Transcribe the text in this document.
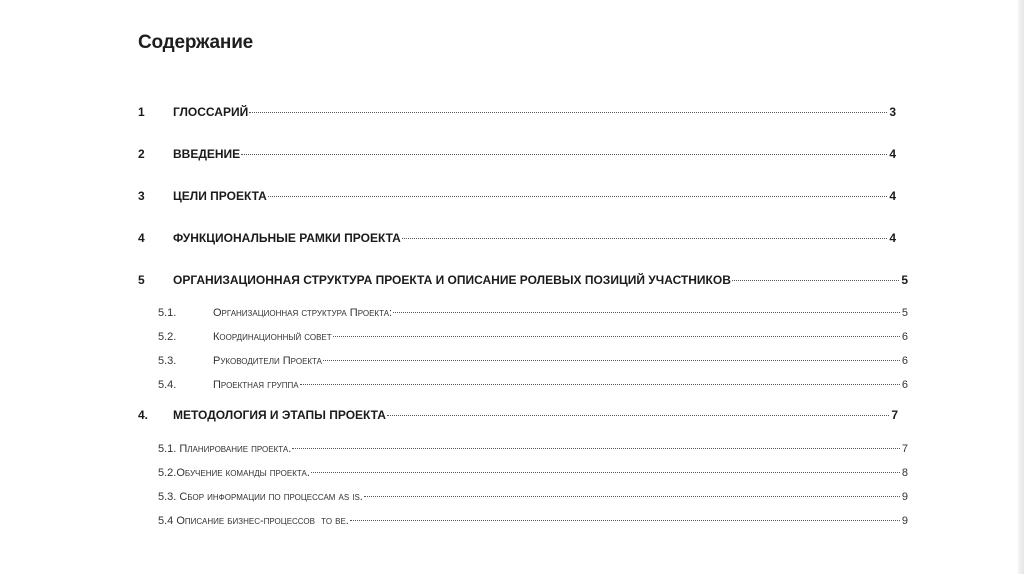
Содержание
1	ГЛОССАРИЙ	3
2	ВВЕДЕНИЕ	4
3	ЦЕЛИ ПРОЕКТА	4
4	ФУНКЦИОНАЛЬНЫЕ РАМКИ ПРОЕКТА	4
5	ОРГАНИЗАЦИОННАЯ СТРУКТУРА ПРОЕКТА И ОПИСАНИЕ РОЛЕВЫХ ПОЗИЦИЙ УЧАСТНИКОВ	5
5.1.	Организационная структура Проекта:	5
5.2.	Координационный совет	6
5.3.	Руководители Проекта	6
5.4.	Проектная группа	6
4.	МЕТОДОЛОГИЯ И ЭТАПЫ ПРОЕКТА	7
5.1. Планирование проекта.	7
5.2.Обучение команды проекта.	8
5.3. Сбор информации по процессам as is.	9
5.4 Описание бизнес-процессов  to be.	9
